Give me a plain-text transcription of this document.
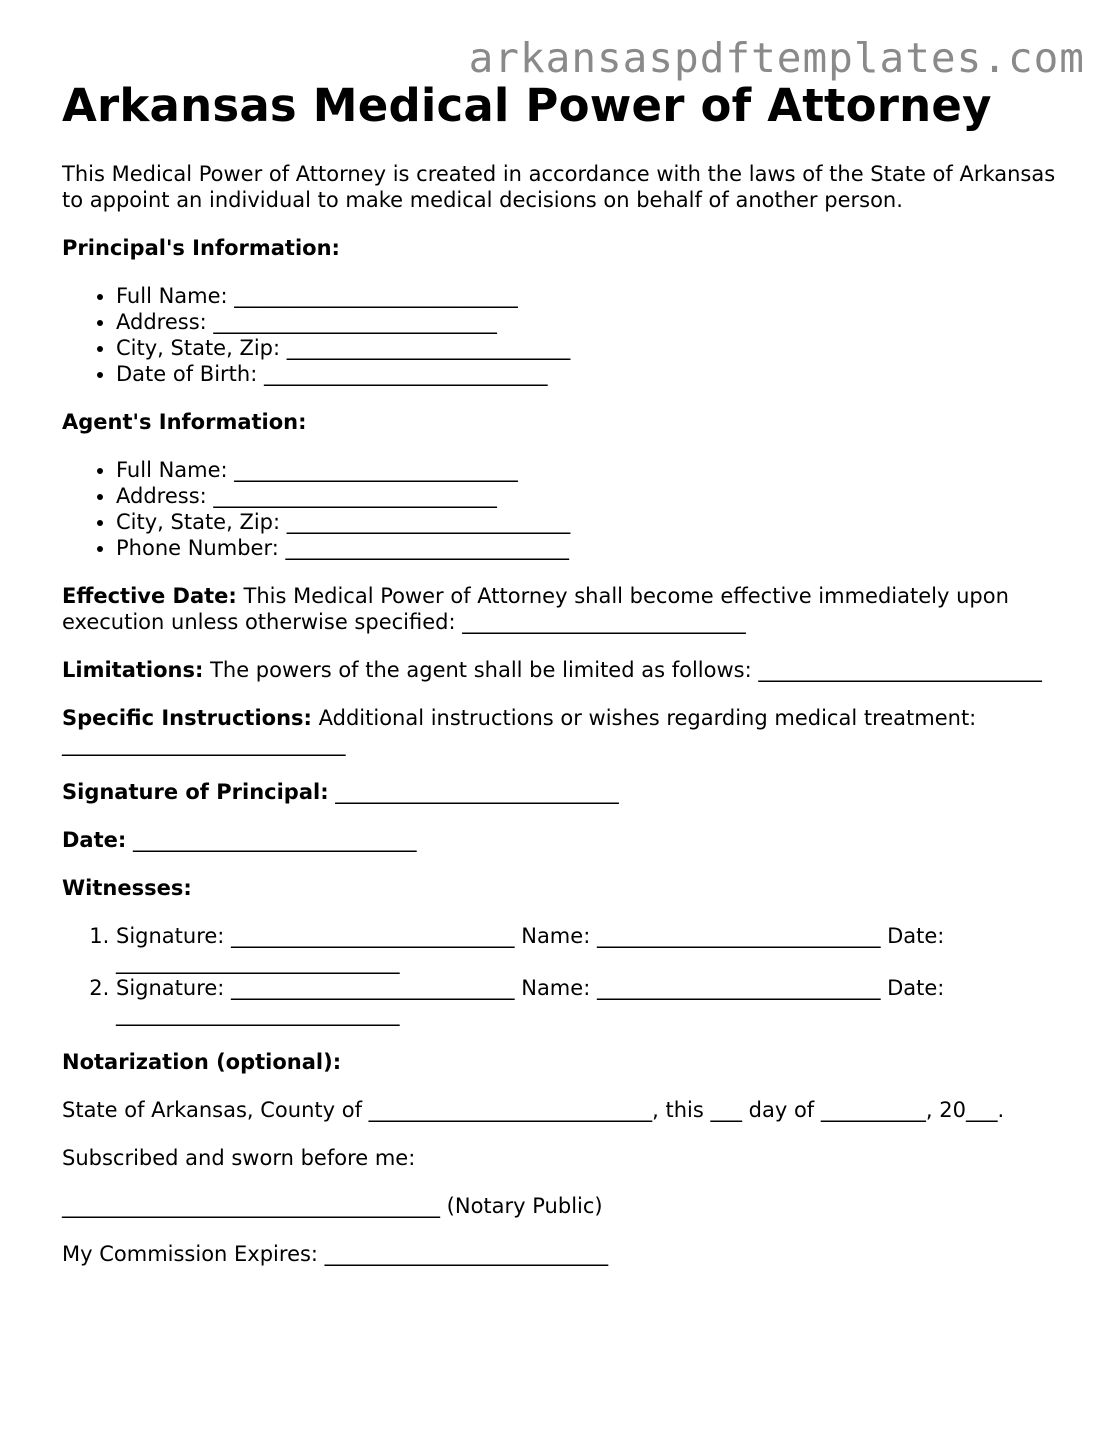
arkansaspdftemplates.com
Arkansas Medical Power of Attorney

This Medical Power of Attorney is created in accordance with the laws of the State of Arkansas to appoint an individual to make medical decisions on behalf of another person.

Principal's Information:

• Full Name: ___________________________
• Address: ___________________________
• City, State, Zip: ___________________________
• Date of Birth: ___________________________

Agent's Information:

• Full Name: ___________________________
• Address: ___________________________
• City, State, Zip: ___________________________
• Phone Number: ___________________________

Effective Date: This Medical Power of Attorney shall become effective immediately upon execution unless otherwise specified: ___________________________

Limitations: The powers of the agent shall be limited as follows: ___________________________

Specific Instructions: Additional instructions or wishes regarding medical treatment: ___________________________

Signature of Principal: ___________________________

Date: ___________________________

Witnesses:

1. Signature: ___________________________ Name: ___________________________ Date: ___________________________
2. Signature: ___________________________ Name: ___________________________ Date: ___________________________

Notarization (optional):

State of Arkansas, County of ___________________________, this ___ day of __________, 20___.

Subscribed and sworn before me:

____________________________________ (Notary Public)

My Commission Expires: ___________________________
